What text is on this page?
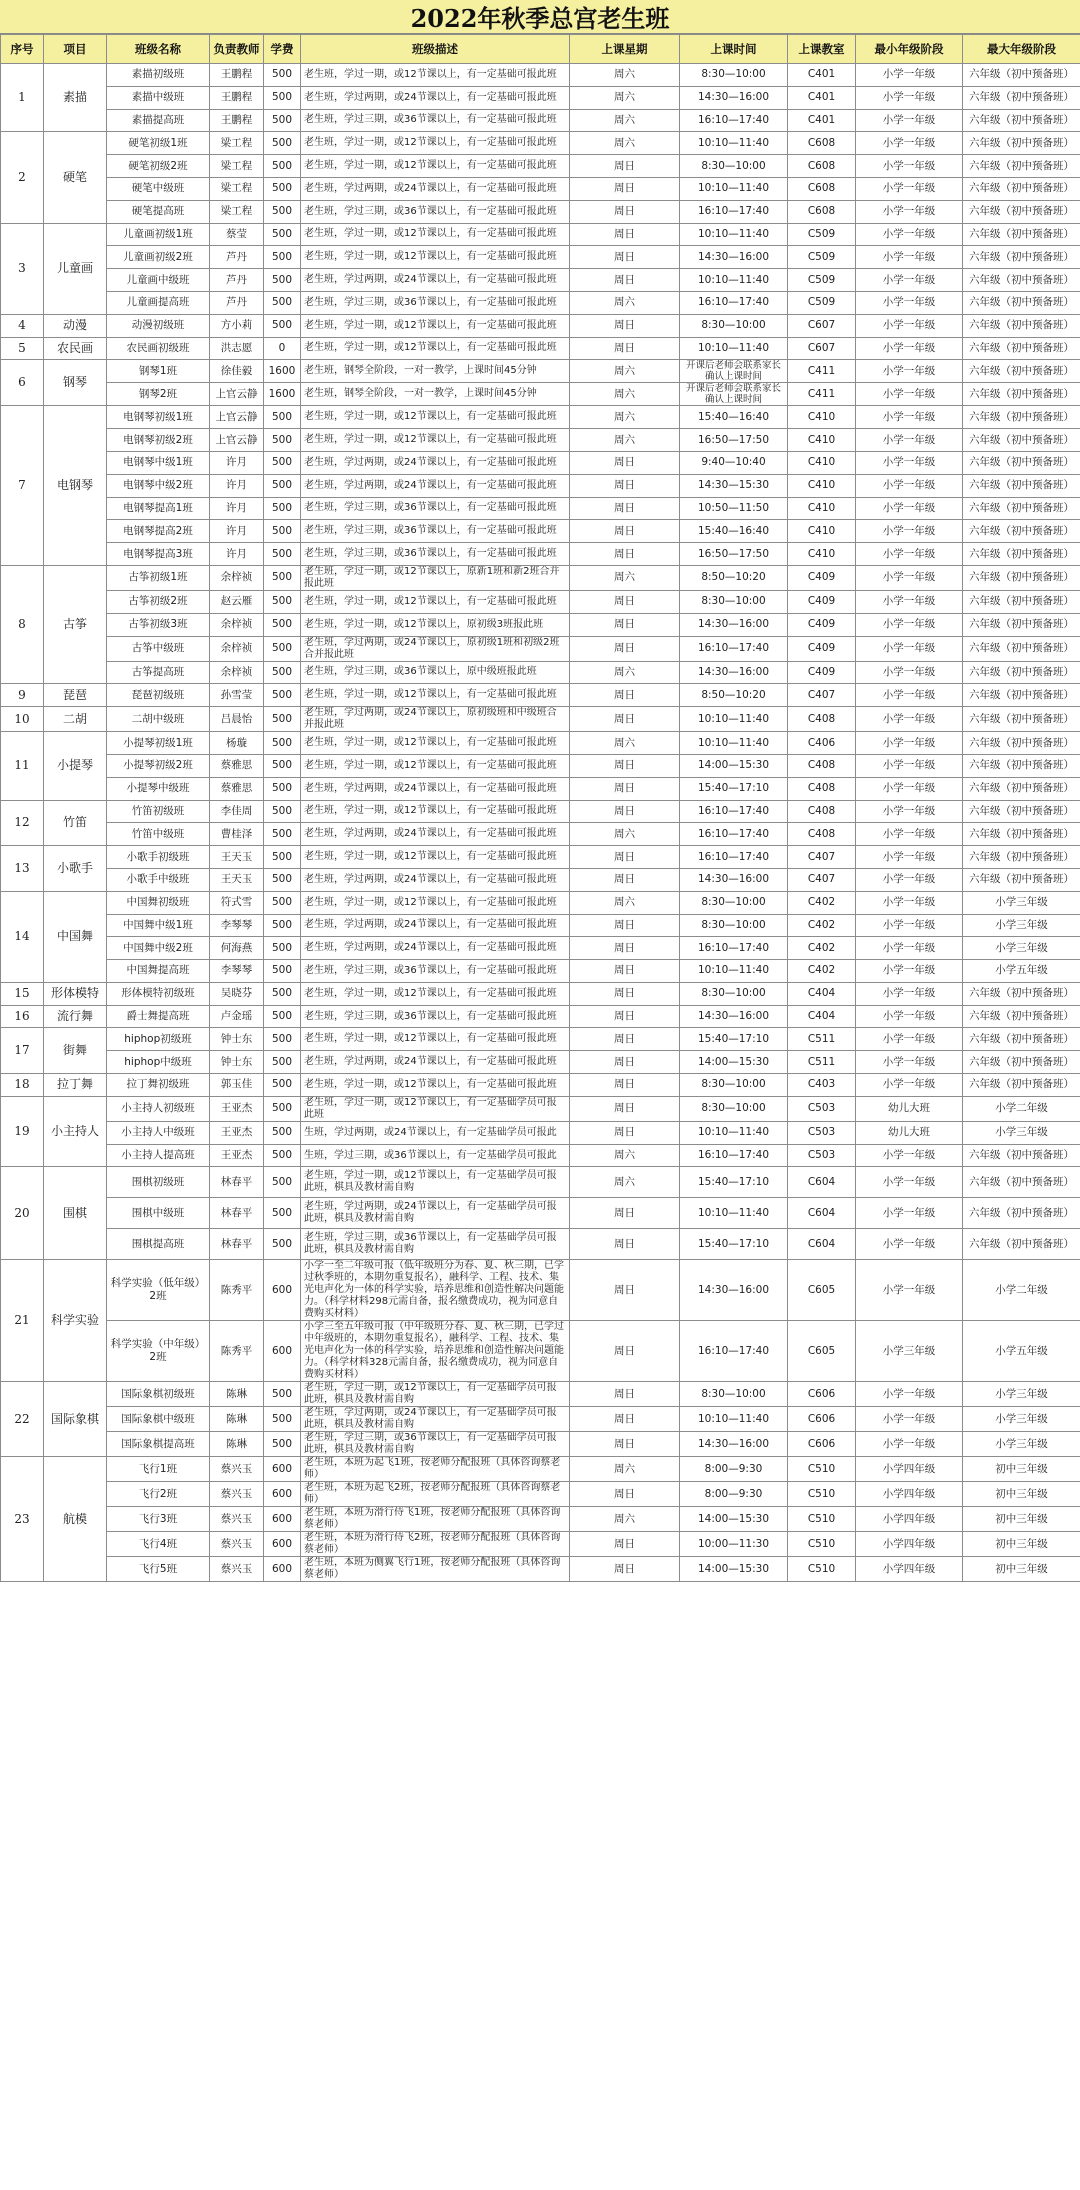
2022年秋季总宫老生班
序号	项目	班级名称	负责教师	学费	班级描述	上课星期	上课时间	上课教室	最小年级阶段	最大年级阶段
1	素描	素描初级班	王鹏程	500	老生班，学过一期，或12节课以上，有一定基础可报此班	周六	8:30—10:00	C401	小学一年级	六年级（初中预备班）
		素描中级班	王鹏程	500	老生班，学过两期，或24节课以上，有一定基础可报此班	周六	14:30—16:00	C401	小学一年级	六年级（初中预备班）
		素描提高班	王鹏程	500	老生班，学过三期，或36节课以上，有一定基础可报此班	周六	16:10—17:40	C401	小学一年级	六年级（初中预备班）
2	硬笔	硬笔初级1班	梁工程	500	老生班，学过一期，或12节课以上，有一定基础可报此班	周六	10:10—11:40	C608	小学一年级	六年级（初中预备班）
		硬笔初级2班	梁工程	500	老生班，学过一期，或12节课以上，有一定基础可报此班	周日	8:30—10:00	C608	小学一年级	六年级（初中预备班）
		硬笔中级班	梁工程	500	老生班，学过两期，或24节课以上，有一定基础可报此班	周日	10:10—11:40	C608	小学一年级	六年级（初中预备班）
		硬笔提高班	梁工程	500	老生班，学过三期，或36节课以上，有一定基础可报此班	周日	16:10—17:40	C608	小学一年级	六年级（初中预备班）
3	儿童画	儿童画初级1班	蔡莹	500	老生班，学过一期，或12节课以上，有一定基础可报此班	周日	10:10—11:40	C509	小学一年级	六年级（初中预备班）
		儿童画初级2班	芦丹	500	老生班，学过一期，或12节课以上，有一定基础可报此班	周日	14:30—16:00	C509	小学一年级	六年级（初中预备班）
		儿童画中级班	芦丹	500	老生班，学过两期，或24节课以上，有一定基础可报此班	周日	10:10—11:40	C509	小学一年级	六年级（初中预备班）
		儿童画提高班	芦丹	500	老生班，学过三期，或36节课以上，有一定基础可报此班	周六	16:10—17:40	C509	小学一年级	六年级（初中预备班）
4	动漫	动漫初级班	方小莉	500	老生班，学过一期，或12节课以上，有一定基础可报此班	周日	8:30—10:00	C607	小学一年级	六年级（初中预备班）
5	农民画	农民画初级班	洪志愿	0	老生班，学过一期，或12节课以上，有一定基础可报此班	周日	10:10—11:40	C607	小学一年级	六年级（初中预备班）
6	钢琴	钢琴1班	徐佳毅	1600	老生班，钢琴全阶段，一对一教学，上课时间45分钟	周六	开课后老师会联系家长确认上课时间	C411	小学一年级	六年级（初中预备班）
		钢琴2班	上官云静	1600	老生班，钢琴全阶段，一对一教学，上课时间45分钟	周六	开课后老师会联系家长确认上课时间	C411	小学一年级	六年级（初中预备班）
7	电钢琴	电钢琴初级1班	上官云静	500	老生班，学过一期，或12节课以上，有一定基础可报此班	周六	15:40—16:40	C410	小学一年级	六年级（初中预备班）
		电钢琴初级2班	上官云静	500	老生班，学过一期，或12节课以上，有一定基础可报此班	周六	16:50—17:50	C410	小学一年级	六年级（初中预备班）
		电钢琴中级1班	许月	500	老生班，学过两期，或24节课以上，有一定基础可报此班	周日	9:40—10:40	C410	小学一年级	六年级（初中预备班）
		电钢琴中级2班	许月	500	老生班，学过两期，或24节课以上，有一定基础可报此班	周日	14:30—15:30	C410	小学一年级	六年级（初中预备班）
		电钢琴提高1班	许月	500	老生班，学过三期，或36节课以上，有一定基础可报此班	周日	10:50—11:50	C410	小学一年级	六年级（初中预备班）
		电钢琴提高2班	许月	500	老生班，学过三期，或36节课以上，有一定基础可报此班	周日	15:40—16:40	C410	小学一年级	六年级（初中预备班）
		电钢琴提高3班	许月	500	老生班，学过三期，或36节课以上，有一定基础可报此班	周日	16:50—17:50	C410	小学一年级	六年级（初中预备班）
8	古筝	古筝初级1班	余梓祯	500	老生班，学过一期，或12节课以上，原新1班和新2班合并报此班	周六	8:50—10:20	C409	小学一年级	六年级（初中预备班）
		古筝初级2班	赵云雁	500	老生班，学过一期，或12节课以上，有一定基础可报此班	周日	8:30—10:00	C409	小学一年级	六年级（初中预备班）
		古筝初级3班	余梓祯	500	老生班，学过一期，或12节课以上，原初级3班报此班	周日	14:30—16:00	C409	小学一年级	六年级（初中预备班）
		古筝中级班	余梓祯	500	老生班，学过两期，或24节课以上，原初级1班和初级2班合并报此班	周日	16:10—17:40	C409	小学一年级	六年级（初中预备班）
		古筝提高班	余梓祯	500	老生班，学过三期，或36节课以上，原中级班报此班	周六	14:30—16:00	C409	小学一年级	六年级（初中预备班）
9	琵琶	琵琶初级班	孙雪莹	500	老生班，学过一期，或12节课以上，有一定基础可报此班	周日	8:50—10:20	C407	小学一年级	六年级（初中预备班）
10	二胡	二胡中级班	吕晨怡	500	老生班，学过两期，或24节课以上，原初级班和中级班合并报此班	周日	10:10—11:40	C408	小学一年级	六年级（初中预备班）
11	小提琴	小提琴初级1班	杨璇	500	老生班，学过一期，或12节课以上，有一定基础可报此班	周六	10:10—11:40	C406	小学一年级	六年级（初中预备班）
		小提琴初级2班	蔡雅思	500	老生班，学过一期，或12节课以上，有一定基础可报此班	周日	14:00—15:30	C408	小学一年级	六年级（初中预备班）
		小提琴中级班	蔡雅思	500	老生班，学过两期，或24节课以上，有一定基础可报此班	周日	15:40—17:10	C408	小学一年级	六年级（初中预备班）
12	竹笛	竹笛初级班	李佳周	500	老生班，学过一期，或12节课以上，有一定基础可报此班	周日	16:10—17:40	C408	小学一年级	六年级（初中预备班）
		竹笛中级班	曹桂泽	500	老生班，学过两期，或24节课以上，有一定基础可报此班	周六	16:10—17:40	C408	小学一年级	六年级（初中预备班）
13	小歌手	小歌手初级班	王天玉	500	老生班，学过一期，或12节课以上，有一定基础可报此班	周日	16:10—17:40	C407	小学一年级	六年级（初中预备班）
		小歌手中级班	王天玉	500	老生班，学过两期，或24节课以上，有一定基础可报此班	周日	14:30—16:00	C407	小学一年级	六年级（初中预备班）
14	中国舞	中国舞初级班	符式雪	500	老生班，学过一期，或12节课以上，有一定基础可报此班	周六	8:30—10:00	C402	小学一年级	小学三年级
		中国舞中级1班	李琴琴	500	老生班，学过两期，或24节课以上，有一定基础可报此班	周日	8:30—10:00	C402	小学一年级	小学三年级
		中国舞中级2班	何海燕	500	老生班，学过两期，或24节课以上，有一定基础可报此班	周日	16:10—17:40	C402	小学一年级	小学三年级
		中国舞提高班	李琴琴	500	老生班，学过三期，或36节课以上，有一定基础可报此班	周日	10:10—11:40	C402	小学一年级	小学五年级
15	形体模特	形体模特初级班	吴晓芬	500	老生班，学过一期，或12节课以上，有一定基础可报此班	周日	8:30—10:00	C404	小学一年级	六年级（初中预备班）
16	流行舞	爵士舞提高班	卢金瑶	500	老生班，学过三期，或36节课以上，有一定基础可报此班	周日	14:30—16:00	C404	小学一年级	六年级（初中预备班）
17	街舞	hiphop初级班	钟士东	500	老生班，学过一期，或12节课以上，有一定基础可报此班	周日	15:40—17:10	C511	小学一年级	六年级（初中预备班）
		hiphop中级班	钟士东	500	老生班，学过两期，或24节课以上，有一定基础可报此班	周日	14:00—15:30	C511	小学一年级	六年级（初中预备班）
18	拉丁舞	拉丁舞初级班	郭玉佳	500	老生班，学过一期，或12节课以上，有一定基础可报此班	周日	8:30—10:00	C403	小学一年级	六年级（初中预备班）
19	小主持人	小主持人初级班	王亚杰	500	老生班，学过一期，或12节课以上，有一定基础学员可报此班	周日	8:30—10:00	C503	幼儿大班	小学二年级
		小主持人中级班	王亚杰	500	生班，学过两期，或24节课以上，有一定基础学员可报此	周日	10:10—11:40	C503	幼儿大班	小学三年级
		小主持人提高班	王亚杰	500	生班，学过三期，或36节课以上，有一定基础学员可报此	周六	16:10—17:40	C503	小学一年级	六年级（初中预备班）
20	围棋	围棋初级班	林春平	500	老生班，学过一期，或12节课以上，有一定基础学员可报此班，棋具及教材需自购	周六	15:40—17:10	C604	小学一年级	六年级（初中预备班）
		围棋中级班	林春平	500	老生班，学过两期，或24节课以上，有一定基础学员可报此班，棋具及教材需自购	周日	10:10—11:40	C604	小学一年级	六年级（初中预备班）
		围棋提高班	林春平	500	老生班，学过三期，或36节课以上，有一定基础学员可报此班，棋具及教材需自购	周日	15:40—17:10	C604	小学一年级	六年级（初中预备班）
21	科学实验	科学实验（低年级）2班	陈秀平	600	小学一至二年级可报（低年级班分为春、夏、秋三期，已学过秋季班的，本期勿重复报名），融科学、工程、技术、集光电声化为一体的科学实验，培养思维和创造性解决问题能力。（科学材料298元需自备，报名缴费成功，视为同意自费购买材料）	周日	14:30—16:00	C605	小学一年级	小学二年级
		科学实验（中年级）2班	陈秀平	600	小学三至五年级可报（中年级班分春、夏、秋三期，已学过中年级班的，本期勿重复报名），融科学、工程、技术、集光电声化为一体的科学实验，培养思维和创造性解决问题能力。（科学材料328元需自备，报名缴费成功，视为同意自费购买材料）	周日	16:10—17:40	C605	小学三年级	小学五年级
22	国际象棋	国际象棋初级班	陈琳	500	老生班，学过一期，或12节课以上，有一定基础学员可报此班，棋具及教材需自购	周日	8:30—10:00	C606	小学一年级	小学三年级
		国际象棋中级班	陈琳	500	老生班，学过两期，或24节课以上，有一定基础学员可报此班，棋具及教材需自购	周日	10:10—11:40	C606	小学一年级	小学三年级
		国际象棋提高班	陈琳	500	老生班，学过三期，或36节课以上，有一定基础学员可报此班，棋具及教材需自购	周日	14:30—16:00	C606	小学一年级	小学三年级
23	航模	飞行1班	蔡兴玉	600	老生班，本班为起飞1班，按老师分配报班（具体咨询蔡老师）	周六	8:00—9:30	C510	小学四年级	初中三年级
		飞行2班	蔡兴玉	600	老生班，本班为起飞2班，按老师分配报班（具体咨询蔡老师）	周日	8:00—9:30	C510	小学四年级	初中三年级
		飞行3班	蔡兴玉	600	老生班，本班为滑行侍飞1班，按老师分配报班（具体咨询蔡老师）	周六	14:00—15:30	C510	小学四年级	初中三年级
		飞行4班	蔡兴玉	600	老生班，本班为滑行侍飞2班，按老师分配报班（具体咨询蔡老师）	周日	10:00—11:30	C510	小学四年级	初中三年级
		飞行5班	蔡兴玉	600	老生班，本班为侧翼飞行1班，按老师分配报班（具体咨询蔡老师）	周日	14:00—15:30	C510	小学四年级	初中三年级
